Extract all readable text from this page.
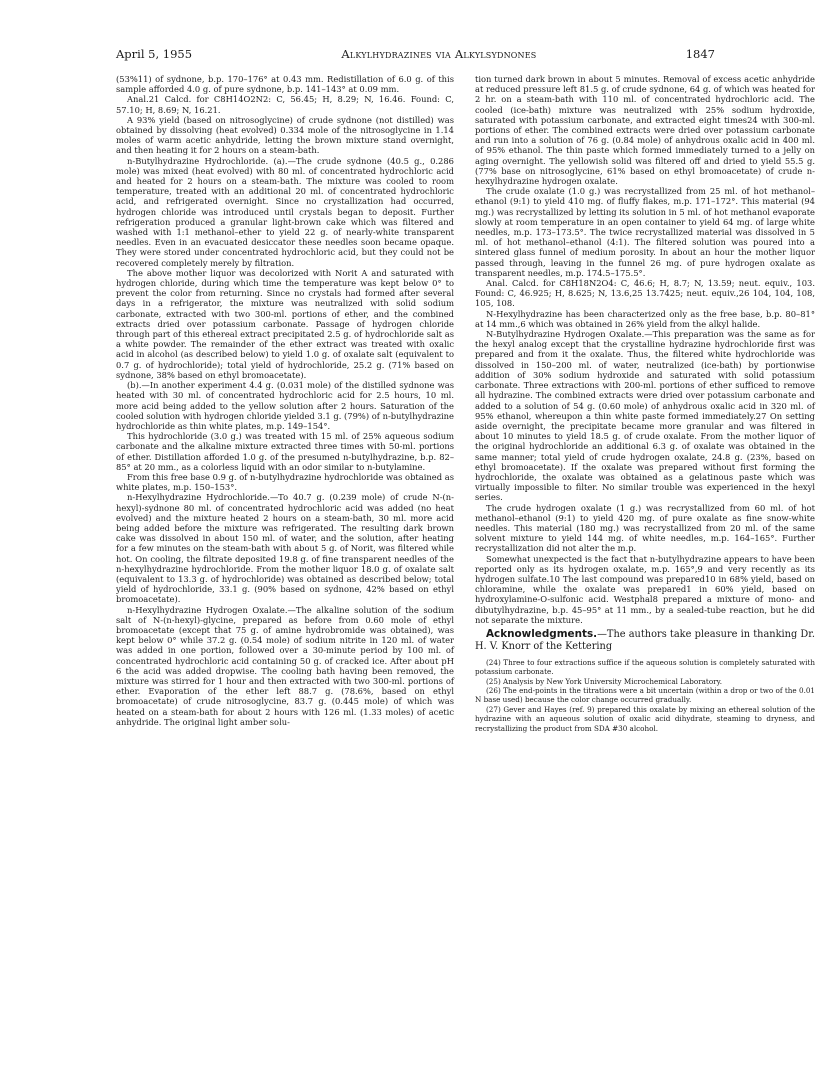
April 5, 1955	Alkylhydrazines via Alkylsydnones	1847

(53%11) of sydnone, b.p. 170–176° at 0.43 mm. Redistillation of 6.0 g. of this sample afforded 4.0 g. of pure sydnone, b.p. 141–143° at 0.09 mm.

Anal.21 Calcd. for C8H14O2N2: C, 56.45; H, 8.29; N, 16.46. Found: C, 57.10; H, 8.69; N, 16.21.

A 93% yield (based on nitrosoglycine) of crude sydnone (not distilled) was obtained by dissolving (heat evolved) 0.334 mole of the nitrosoglycine in 1.14 moles of warm acetic anhydride, letting the brown mixture stand overnight, and then heating it for 2 hours on a steam-bath.

n-Butylhydrazine Hydrochloride. (a).—The crude sydnone (40.5 g., 0.286 mole) was mixed (heat evolved) with 80 ml. of concentrated hydrochloric acid and heated for 2 hours on a steam-bath. The mixture was cooled to room temperature, treated with an additional 20 ml. of concentrated hydrochloric acid, and refrigerated overnight. Since no crystallization had occurred, hydrogen chloride was introduced until crystals began to deposit. Further refrigeration produced a granular light-brown cake which was filtered and washed with 1:1 methanol–ether to yield 22 g. of nearly-white transparent needles. Even in an evacuated desiccator these needles soon became opaque. They were stored under concentrated hydrochloric acid, but they could not be recovered completely merely by filtration.

The above mother liquor was decolorized with Norit A and saturated with hydrogen chloride, during which time the temperature was kept below 0° to prevent the color from returning. Since no crystals had formed after several days in a refrigerator, the mixture was neutralized with solid sodium carbonate, extracted with two 300-ml. portions of ether, and the combined extracts dried over potassium carbonate. Passage of hydrogen chloride through part of this ethereal extract precipitated 2.5 g. of hydrochloride salt as a white powder. The remainder of the ether extract was treated with oxalic acid in alcohol (as described below) to yield 1.0 g. of oxalate salt (equivalent to 0.7 g. of hydrochloride); total yield of hydrochloride, 25.2 g. (71% based on sydnone, 38% based on ethyl bromoacetate).

(b).—In another experiment 4.4 g. (0.031 mole) of the distilled sydnone was heated with 30 ml. of concentrated hydrochloric acid for 2.5 hours, 10 ml. more acid being added to the yellow solution after 2 hours. Saturation of the cooled solution with hydrogen chloride yielded 3.1 g. (79%) of n-butylhydrazine hydrochloride as thin white plates, m.p. 149–154°.

This hydrochloride (3.0 g.) was treated with 15 ml. of 25% aqueous sodium carbonate and the alkaline mixture extracted three times with 50-ml. portions of ether. Distillation afforded 1.0 g. of the presumed n-butylhydrazine, b.p. 82–85° at 20 mm., as a colorless liquid with an odor similar to n-butylamine.

From this free base 0.9 g. of n-butylhydrazine hydrochloride was obtained as white plates, m.p. 150–153°.

n-Hexylhydrazine Hydrochloride.—To 40.7 g. (0.239 mole) of crude N-(n-hexyl)-sydnone 80 ml. of concentrated hydrochloric acid was added (no heat evolved) and the mixture heated 2 hours on a steam-bath, 30 ml. more acid being added before the mixture was refrigerated. The resulting dark brown cake was dissolved in about 150 ml. of water, and the solution, after heating for a few minutes on the steam-bath with about 5 g. of Norit, was filtered while hot. On cooling, the filtrate deposited 19.8 g. of fine transparent needles of the n-hexylhydrazine hydrochloride. From the mother liquor 18.0 g. of oxalate salt (equivalent to 13.3 g. of hydrochloride) was obtained as described below; total yield of hydrochloride, 33.1 g. (90% based on sydnone, 42% based on ethyl bromoacetate).

n-Hexylhydrazine Hydrogen Oxalate.—The alkaline solution of the sodium salt of N-(n-hexyl)-glycine, prepared as before from 0.60 mole of ethyl bromoacetate (except that 75 g. of amine hydrobromide was obtained), was kept below 0° while 37.2 g. (0.54 mole) of sodium nitrite in 120 ml. of water was added in one portion, followed over a 30-minute period by 100 ml. of concentrated hydrochloric acid containing 50 g. of cracked ice. After about pH 6 the acid was added dropwise. The cooling bath having been removed, the mixture was stirred for 1 hour and then extracted with two 300-ml. portions of ether. Evaporation of the ether left 88.7 g. (78.6%, based on ethyl bromoacetate) of crude nitrosoglycine, 83.7 g. (0.445 mole) of which was heated on a steam-bath for about 2 hours with 126 ml. (1.33 moles) of acetic anhydride. The original light amber solu-

tion turned dark brown in about 5 minutes. Removal of excess acetic anhydride at reduced pressure left 81.5 g. of crude sydnone, 64 g. of which was heated for 2 hr. on a steam-bath with 110 ml. of concentrated hydrochloric acid. The cooled (ice-bath) mixture was neutralized with 25% sodium hydroxide, saturated with potassium carbonate, and extracted eight times24 with 300-ml. portions of ether. The combined extracts were dried over potassium carbonate and run into a solution of 76 g. (0.84 mole) of anhydrous oxalic acid in 400 ml. of 95% ethanol. The thin paste which formed immediately turned to a jelly on aging overnight. The yellowish solid was filtered off and dried to yield 55.5 g. (77% base on nitrosoglycine, 61% based on ethyl bromoacetate) of crude n-hexylhydrazine hydrogen oxalate.

The crude oxalate (1.0 g.) was recrystallized from 25 ml. of hot methanol–ethanol (9:1) to yield 410 mg. of fluffy flakes, m.p. 171–172°. This material (94 mg.) was recrystallized by letting its solution in 5 ml. of hot methanol evaporate slowly at room temperature in an open container to yield 64 mg. of large white needles, m.p. 173–173.5°. The twice recrystallized material was dissolved in 5 ml. of hot methanol–ethanol (4:1). The filtered solution was poured into a sintered glass funnel of medium porosity. In about an hour the mother liquor passed through, leaving in the funnel 26 mg. of pure hydrogen oxalate as transparent needles, m.p. 174.5–175.5°.

Anal. Calcd. for C8H18N2O4: C, 46.6; H, 8.7; N, 13.59; neut. equiv., 103. Found: C, 46.925; H, 8.625; N, 13.6,25 13.7425; neut. equiv.,26 104, 104, 108, 105, 108.

N-Hexylhydrazine has been characterized only as the free base, b.p. 80–81° at 14 mm.,6 which was obtained in 26% yield from the alkyl halide.

N-Butylhydrazine Hydrogen Oxalate.—This preparation was the same as for the hexyl analog except that the crystalline hydrazine hydrochloride first was prepared and from it the oxalate. Thus, the filtered white hydrochloride was dissolved in 150–200 ml. of water, neutralized (ice-bath) by portionwise addition of 30% sodium hydroxide and saturated with solid potassium carbonate. Three extractions with 200-ml. portions of ether sufficed to remove all hydrazine. The combined extracts were dried over potassium carbonate and added to a solution of 54 g. (0.60 mole) of anhydrous oxalic acid in 320 ml. of 95% ethanol, whereupon a thin white paste formed immediately.27 On setting aside overnight, the precipitate became more granular and was filtered in about 10 minutes to yield 18.5 g. of crude oxalate. From the mother liquor of the original hydrochloride an additional 6.3 g. of oxalate was obtained in the same manner; total yield of crude hydrogen oxalate, 24.8 g. (23%, based on ethyl bromoacetate). If the oxalate was prepared without first forming the hydrochloride, the oxalate was obtained as a gelatinous paste which was virtually impossible to filter. No similar trouble was experienced in the hexyl series.

The crude hydrogen oxalate (1 g.) was recrystallized from 60 ml. of hot methanol–ethanol (9:1) to yield 420 mg. of pure oxalate as fine snow-white needles. This material (180 mg.) was recrystallized from 20 ml. of the same solvent mixture to yield 144 mg. of white needles, m.p. 164–165°. Further recrystallization did not alter the m.p.

Somewhat unexpected is the fact that n-butylhydrazine appears to have been reported only as its hydrogen oxalate, m.p. 165°,9 and very recently as its hydrogen sulfate.10 The last compound was prepared10 in 68% yield, based on chloramine, while the oxalate was prepared1 in 60% yield, based on hydroxylamine-O-sulfonic acid. Westphal8 prepared a mixture of mono- and dibutylhydrazine, b.p. 45–95° at 11 mm., by a sealed-tube reaction, but he did not separate the mixture.

Acknowledgments.—The authors take pleasure in thanking Dr. H. V. Knorr of the Kettering

(24) Three to four extractions suffice if the aqueous solution is completely saturated with potassium carbonate.

(25) Analysis by New York University Microchemical Laboratory.

(26) The end-points in the titrations were a bit uncertain (within a drop or two of the 0.01 N base used) because the color change occurred gradually.

(27) Gever and Hayes (ref. 9) prepared this oxalate by mixing an ethereal solution of the hydrazine with an aqueous solution of oxalic acid dihydrate, steaming to dryness, and recrystallizing the product from SDA #30 alcohol.
